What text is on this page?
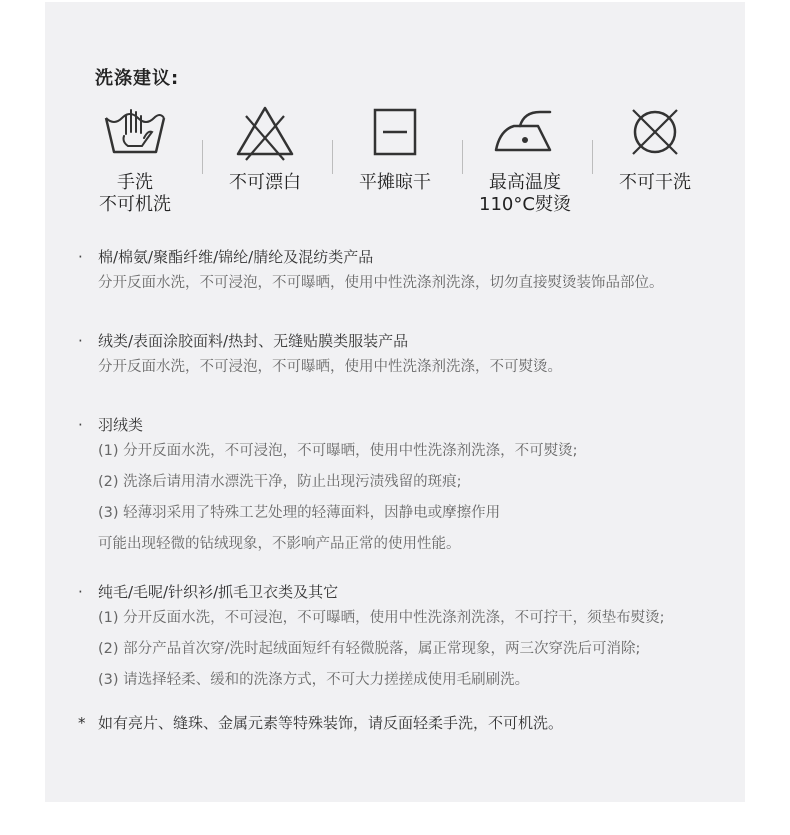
洗涤建议:
手洗
不可机洗
不可漂白	平摊晾干	最高温度
110°C熨烫
不可干洗
· 棉/棉氨/聚酯纤维/锦纶/腈纶及混纺类产品
分开反面水洗，不可浸泡，不可曝晒，使用中性洗涤剂洗涤，切勿直接熨烫装饰品部位。
· 绒类/表面涂胶面料/热封、无缝贴膜类服装产品
分开反面水洗，不可浸泡，不可曝晒，使用中性洗涤剂洗涤，不可熨烫。
· 羽绒类
(1) 分开反面水洗，不可浸泡，不可曝晒，使用中性洗涤剂洗涤，不可熨烫;
(2) 洗涤后请用清水漂洗干净，防止出现污渍残留的斑痕;
(3) 轻薄羽采用了特殊工艺处理的轻薄面料，因静电或摩擦作用
可能出现轻微的钻绒现象，不影响产品正常的使用性能。
· 纯毛/毛呢/针织衫/抓毛卫衣类及其它
(1) 分开反面水洗，不可浸泡，不可曝晒，使用中性洗涤剂洗涤，不可拧干，须垫布熨烫;
(2) 部分产品首次穿/洗时起绒面短纤有轻微脱落，属正常现象，两三次穿洗后可消除;
(3) 请选择轻柔、缓和的洗涤方式，不可大力搓搓成使用毛刷刷洗。
* 如有亮片、缝珠、金属元素等特殊装饰，请反面轻柔手洗，不可机洗。
